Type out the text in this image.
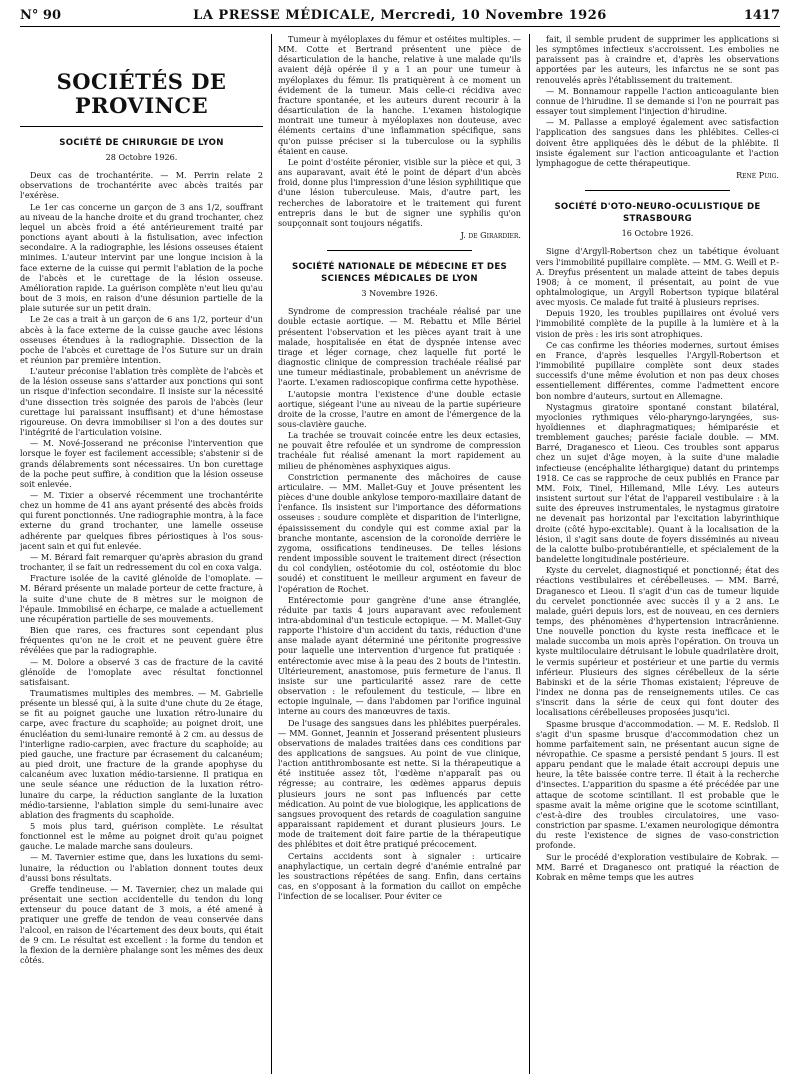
N° 90	LA PRESSE MÉDICALE, Mercredi, 10 Novembre 1926	1417
SOCIÉTÉS DE PROVINCE
SOCIÉTÉ DE CHIRURGIE DE LYON
28 Octobre 1926.

Deux cas de trochantérite. — M. Perrin relate 2 observations de trochantérite avec abcès traités par l'exérèse.

Le 1er cas concerne un garçon de 3 ans 1/2, souffrant au niveau de la hanche droite et du grand trochanter, chez lequel un abcès froid a été antérieurement traité par ponctions ayant abouti à la fistulisation, avec infection secondaire. A la radiographie, les lésions osseuses étaient minimes. L'auteur intervint par une longue incision à la face externe de la cuisse qui permit l'ablation de la poche de l'abcès et le curettage de la lésion osseuse. Amélioration rapide. La guérison complète n'eut lieu qu'au bout de 3 mois, en raison d'une désunion partielle de la plaie suturée sur un petit drain.

Le 2e cas a trait à un garçon de 6 ans 1/2, porteur d'un abcès à la face externe de la cuisse gauche avec lésions osseuses étendues à la radiographie. Dissection de la poche de l'abcès et curettage de l'os Suture sur un drain et réunion par première intention.

L'auteur préconise l'ablation très complète de l'abcès et de la lésion osseuse sans s'attarder aux ponctions qui sont un risque d'infection secondaire. Il insiste sur la nécessité d'une dissection très soignée des parois de l'abcès (leur curettage lui paraissant insuffisant) et d'une hémostase rigoureuse. On devra immobiliser si l'on a des doutes sur l'intégrité de l'articulation voisine.

— M. Nové-Josserand ne préconise l'intervention que lorsque le foyer est facilement accessible; s'abstenir si de grands délabrements sont nécessaires. Un bon curettage de la poche peut suffire, à condition que la lésion osseuse soit enlevée.

— M. Tixier a observé récemment une trochantérite chez un homme de 41 ans ayant présenté des abcès froids qui furent ponctionnés. Une radiographie montra, à la face externe du grand trochanter, une lamelle osseuse adhérente par quelques fibres périostiques à l'os sous-jacent sain et qui fut enlevée.

— M. Bérard fait remarquer qu'après abrasion du grand trochanter, il se fait un redressement du col en coxa valga.

Fracture isolée de la cavité glénoïde de l'omoplate. — M. Bérard présente un malade porteur de cette fracture, à la suite d'une chute de 8 mètres sur le moignon de l'épaule. Immobilisé en écharpe, ce malade a actuellement une récupération partielle de ses mouvements.

Bien que rares, ces fractures sont cependant plus fréquentes qu'on ne le croit et ne peuvent guère être révélées que par la radiographie.

— M. Dolore a observé 3 cas de fracture de la cavité glénoïde de l'omoplate avec résultat fonctionnel satisfaisant.

Traumatismes multiples des membres. — M. Gabrielle présente un blessé qui, à la suite d'une chute du 2e étage, se fit au poignet gauche une luxation rétro-lunaire du carpe, avec fracture du scaphoïde; au poignet droit, une énucléation du semi-lunaire remonté à 2 cm. au dessus de l'interligne radio-carpien, avec fracture du scaphoïde; au pied gauche, une fracture par écrasement du calcanéum; au pied droit, une fracture de la grande apophyse du calcanéum avec luxation médio-tarsienne. Il pratiqua en une seule séance une réduction de la luxation rétro-lunaire du carpe, la réduction sanglante de la luxation médio-tarsienne, l'ablation simple du semi-lunaire avec ablation des fragments du scaphoïde.

5 mois plus tard, guérison complète. Le résultat fonctionnel est le même au poignet droit qu'au poignet gauche. Le malade marche sans douleurs.

— M. Tavernier estime que, dans les luxations du semi-lunaire, la réduction ou l'ablation donnent toutes deux d'aussi bons résultats.

Greffe tendineuse. — M. Tavernier, chez un malade qui présentait une section accidentelle du tendon du long extenseur du pouce datant de 3 mois, a été amené à pratiquer une greffe de tendon de veau conservée dans l'alcool, en raison de l'écartement des deux bouts, qui était de 9 cm. Le résultat est excellent : la forme du tendon et la flexion de la dernière phalange sont les mêmes des deux côtés.

Tumeur à myéloplaxes du fémur et ostéites multiples. — MM. Cotte et Bertrand présentent une pièce de désarticulation de la hanche, relative à une malade qu'ils avaient déjà opérée il y a 1 an pour une tumeur à myéloplaxes du fémur. Ils pratiquèrent à ce moment un évidement de la tumeur. Mais celle-ci récidiva avec fracture spontanée, et les auteurs durent recourir à la désarticulation de la hanche. L'examen histologique montrait une tumeur à myéloplaxes non douteuse, avec éléments certains d'une inflammation spécifique, sans qu'on puisse préciser si la tuberculose ou la syphilis étaient en cause.

Le point d'ostéite péronier, visible sur la pièce et qui, 3 ans auparavant, avait été le point de départ d'un abcès froid, donne plus l'impression d'une lésion syphilitique que d'une lésion tuberculeuse. Mais, d'autre part, les recherches de laboratoire et le traitement qui furent entrepris dans le but de signer une syphilis qu'on soupçonnait sont toujours négatifs.

J. de Girardier.
SOCIÉTÉ NATIONALE DE MÉDECINE ET DES SCIENCES MÉDICALES DE LYON
3 Novembre 1926.

Syndrome de compression trachéale réalisé par une double ectasie aortique. — M. Rebattu et Mlle Bériel présentent l'observation et les pièces ayant trait à une malade, hospitalisée en état de dyspnée intense avec tirage et léger cornage, chez laquelle fut porté le diagnostic clinique de compression trachéale réalisé par une tumeur médiastinale, probablement un anévrisme de l'aorte. L'examen radioscopique confirma cette hypothèse.

L'autopsie montra l'existence d'une double ectasie aortique, siégeant l'une au niveau de la partie supérieure droite de la crosse, l'autre en amont de l'émergence de la sous-clavière gauche.

La trachée se trouvait coincée entre les deux ectasies, ne pouvait être refoulée et un syndrome de compression trachéale fut réalisé amenant la mort rapidement au milieu de phénomènes asphyxiques aigus.

Constriction permanente des mâchoires de cause articulaire. — MM. Mallet-Guy et Jouve présentent les pièces d'une double ankylose temporo-maxillaire datant de l'enfance. Ils insistent sur l'importance des déformations osseuses : soudure complète et disparition de l'interligne, épaississement du condyle qui est comme axial par la branche montante, ascension de la coronoïde derrière le zygoma, ossifications tendineuses. De telles lésions rendent impossible souvent le traitement direct (résection du col condylien, ostéotomie du col, ostéotomie du bloc soudé) et constituent le meilleur argument en faveur de l'opération de Rochet.

Entérectomie pour gangrène d'une anse étranglée, réduite par taxis 4 jours auparavant avec refoulement intra-abdominal d'un testicule ectopique. — M. Mallet-Guy rapporte l'histoire d'un accident du taxis, réduction d'une anse malade ayant déterminé une péritonite progressive pour laquelle une intervention d'urgence fut pratiquée : entérectomie avec mise à la peau des 2 bouts de l'intestin. Ultérieurement, anastomose, puis fermeture de l'anus. Il insiste sur une particularité assez rare de cette observation : le refoulement du testicule, — libre en ectopie inguinale, — dans l'abdomen par l'orifice inguinal interne au cours des manœuvres de taxis.

De l'usage des sangsues dans les phlébites puerpérales. — MM. Gonnet, Jeannin et Josserand présentent plusieurs observations de malades traitées dans ces conditions par des applications de sangsues. Au point de vue clinique, l'action antithrombosante est nette. Si la thérapeutique a été instituée assez tôt, l'œdème n'apparaît pas ou régresse; au contraire, les œdèmes apparus depuis plusieurs jours ne sont pas influencés par cette médication. Au point de vue biologique, les applications de sangsues provoquent des retards de coagulation sanguine apparaissant rapidement et durant plusieurs jours. Le mode de traitement doit faire partie de la thérapeutique des phlébites et doit être pratiqué précocement.

Certains accidents sont à signaler : urticaire anaphylactique, un certain degré d'anémie entraîné par les soustractions répétées de sang. Enfin, dans certains cas, en s'opposant à la formation du caillot on empêche l'infection de se localiser. Pour éviter ce

fait, il semble prudent de supprimer les applications si les symptômes infectieux s'accroissent. Les embolies ne paraissent pas à craindre et, d'après les observations apportées par les auteurs, les infarctus ne se sont pas renouvelés après l'établissement du traitement.

— M. Bonnamour rappelle l'action anticoagulante bien connue de l'hirudine. Il se demande si l'on ne pourrait pas essayer tout simplement l'injection d'hirudine.

— M. Pallasse a employé également avec satisfaction l'application des sangsues dans les phlébites. Celles-ci doivent être appliquées dès le début de la phlébite. Il insiste également sur l'action anticoagulante et l'action lymphagogue de cette thérapeutique.

René Puig.
SOCIÉTÉ D'OTO-NEURO-OCULISTIQUE DE STRASBOURG
16 Octobre 1926.

Signe d'Argyll-Robertson chez un tabétique évoluant vers l'immobilité pupillaire complète. — MM. G. Weill et P.-A. Dreyfus présentent un malade atteint de tabes depuis 1908; à ce moment, il présentait, au point de vue ophtalmologique, un Argyll Robertson typique bilatéral avec myosis. Ce malade fut traité à plusieurs reprises.

Depuis 1920, les troubles pupillaires ont évolué vers l'immobilité complète de la pupille à la lumière et à la vision de près : les iris sont atrophiques.

Ce cas confirme les théories modernes, surtout émises en France, d'après lesquelles l'Argyll-Robertson et l'immobilité pupillaire complète sont deux stades successifs d'une même évolution et non pas deux choses essentiellement différentes, comme l'admettent encore bon nombre d'auteurs, surtout en Allemagne.

Nystagmus giratoire spontané constant bilatéral, myoclonies rythmiques vélo-pharyngo-laryngées, sus-hyoïdiennes et diaphragmatiques; hémiparésie et tremblement gauches; parésie faciale double. — MM. Barré, Draganesco et Lieou. Ces troubles sont apparus chez un sujet d'âge moyen, à la suite d'une maladie infectieuse (encéphalite léthargique) datant du printemps 1918. Ce cas se rapproche de ceux publiés en France par MM. Foix, Tinel, Hillemand, Mlle Lévy. Les auteurs insistent surtout sur l'état de l'appareil vestibulaire : à la suite des épreuves instrumentales, le nystagmus giratoire ne devenait pas horizontal par l'excitation labyrinthique droite (côté hypo-excitable). Quant à la localisation de la lésion, il s'agit sans doute de foyers disséminés au niveau de la calotte bulbo-protubérantielle, et spécialement de la bandelette longitudinale postérieure.

Kyste du cervelet, diagnostiqué et ponctionné; état des réactions vestibulaires et cérébelleuses. — MM. Barré, Draganesco et Lieou. Il s'agit d'un cas de tumeur liquide du cervelet ponctionnée avec succès il y a 2 ans. Le malade, guéri depuis lors, est de nouveau, en ces derniers temps, des phénomènes d'hypertension intracrânienne. Une nouvelle ponction du kyste resta inefficace et le malade succomba un mois après l'opération. On trouva un kyste multiloculaire détruisant le lobule quadrilatère droit, le vermis supérieur et postérieur et une partie du vermis inférieur. Plusieurs des signes cérébelleux de la série Babinski et de la série Thomas existaient; l'épreuve de l'index ne donna pas de renseignements utiles. Ce cas s'inscrit dans la série de ceux qui font douter des localisations cérébelleuses proposées jusqu'ici.

Spasme brusque d'accommodation. — M. E. Redslob. Il s'agit d'un spasme brusque d'accommodation chez un homme parfaitement sain, ne présentant aucun signe de névropathie. Ce spasme a persisté pendant 5 jours. Il est apparu pendant que le malade était accroupi depuis une heure, la tête baissée contre terre. Il était à la recherche d'insectes. L'apparition du spasme a été précédée par une attaque de scotome scintillant. Il est probable que le spasme avait la même origine que le scotome scintillant, c'est-à-dire des troubles circulatoires, une vaso-constriction par spasme. L'examen neurologique démontra du reste l'existence de signes de vaso-constriction profonde.

Sur le procédé d'exploration vestibulaire de Kobrak. — MM. Barré et Draganesco ont pratiqué la réaction de Kobrak en même temps que les autres
